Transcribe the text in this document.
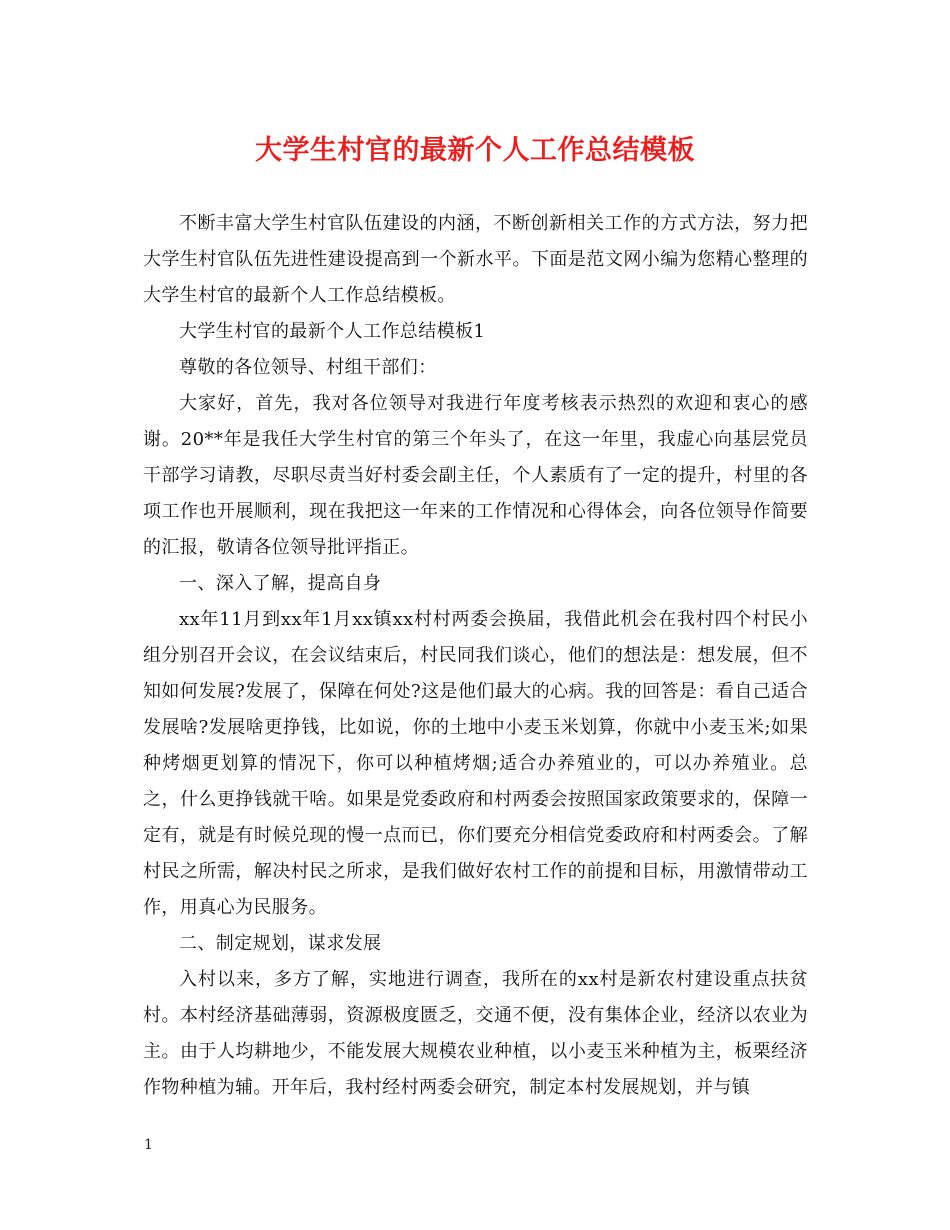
大学生村官的最新个人工作总结模板

不断丰富大学生村官队伍建设的内涵，不断创新相关工作的方式方法，努力把大学生村官队伍先进性建设提高到一个新水平。下面是范文网小编为您精心整理的大学生村官的最新个人工作总结模板。

大学生村官的最新个人工作总结模板1

尊敬的各位领导、村组干部们：

大家好，首先，我对各位领导对我进行年度考核表示热烈的欢迎和衷心的感谢。20**年是我任大学生村官的第三个年头了，在这一年里，我虚心向基层党员干部学习请教，尽职尽责当好村委会副主任，个人素质有了一定的提升，村里的各项工作也开展顺利，现在我把这一年来的工作情况和心得体会，向各位领导作简要的汇报，敬请各位领导批评指正。

一、深入了解，提高自身

xx年11月到xx年1月xx镇xx村村两委会换届，我借此机会在我村四个村民小组分别召开会议，在会议结束后，村民同我们谈心，他们的想法是：想发展，但不知如何发展?发展了，保障在何处?这是他们最大的心病。我的回答是：看自己适合发展啥?发展啥更挣钱，比如说，你的土地中小麦玉米划算，你就中小麦玉米;如果种烤烟更划算的情况下，你可以种植烤烟;适合办养殖业的，可以办养殖业。总之，什么更挣钱就干啥。如果是党委政府和村两委会按照国家政策要求的，保障一定有，就是有时候兑现的慢一点而已，你们要充分相信党委政府和村两委会。了解村民之所需，解决村民之所求，是我们做好农村工作的前提和目标，用激情带动工作，用真心为民服务。

二、制定规划，谋求发展

入村以来，多方了解，实地进行调查，我所在的xx村是新农村建设重点扶贫村。本村经济基础薄弱，资源极度匮乏，交通不便，没有集体企业，经济以农业为主。由于人均耕地少，不能发展大规模农业种植，以小麦玉米种植为主，板栗经济作物种植为辅。开年后，我村经村两委会研究，制定本村发展规划，并与镇

1
